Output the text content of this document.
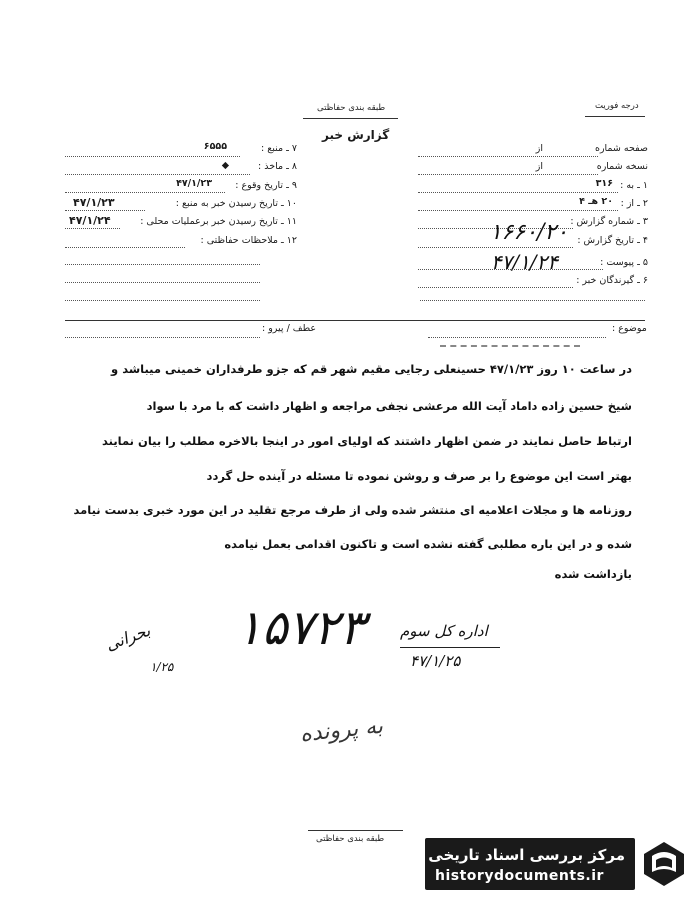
طبقه بندی حفاظتی	درجه فوریت
گزارش خبر
صفحه شماره
از
نسخه شماره
از
۱ ـ به :
۳۱۶
۲ ـ از :
۲۰ هـ ۴
۳ ـ شماره گزارش :
۱۶۶۰/۲۰ ۴ ـ تاریخ گزارش :
۴۷/۱/۲۴	۵ ـ پیوست :
۶ ـ گیرندگان خبر :
۷ ـ منبع :
۶۵۵۵
۸ ـ ماخذ :
◆
۹ ـ تاریخ وقوع :
۴۷/۱/۲۳
۱۰ ـ تاریخ رسیدن خبر به منبع :
۴۷/۱/۲۳
۱۱ ـ تاریخ رسیدن خبر برعملیات محلی :
۴۷/۱/۲۴
۱۲ ـ ملاحظات حفاظتی :
موضوع :
عطف / پیرو :
در ساعت ۱۰ روز ۴۷/۱/۲۳ حسینعلی رجایی مقیم شهر قم که جزو طرفداران خمینی میباشد و
شیخ حسین زاده داماد آیت الله مرعشی نجفی مراجعه و اظهار داشت که با مرد با سواد
ارتباط حاصل نمایند در ضمن اظهار داشتند که اولیای امور در اینجا بالاخره مطلب را بیان نمایند
بهتر است این موضوع را بر صرف و روشن نموده تا مسئله در آینده حل گردد
روزنامه ها و مجلات اعلامیه ای منتشر شده ولی از طرف مرجع تقلید در این مورد خبری بدست نیامد
شده و در این باره مطلبی گفته نشده است و تاکنون اقدامی بعمل نیامده
بازداشت شده
۱۵۷۲۳ اداره کل سوم
۴۷/۱/۲۵
بحرانی
۱/۲۵
به پرونده
طبقه بندی حفاظتی
مرکز بررسی اسناد تاریخی
historydocuments.ir
